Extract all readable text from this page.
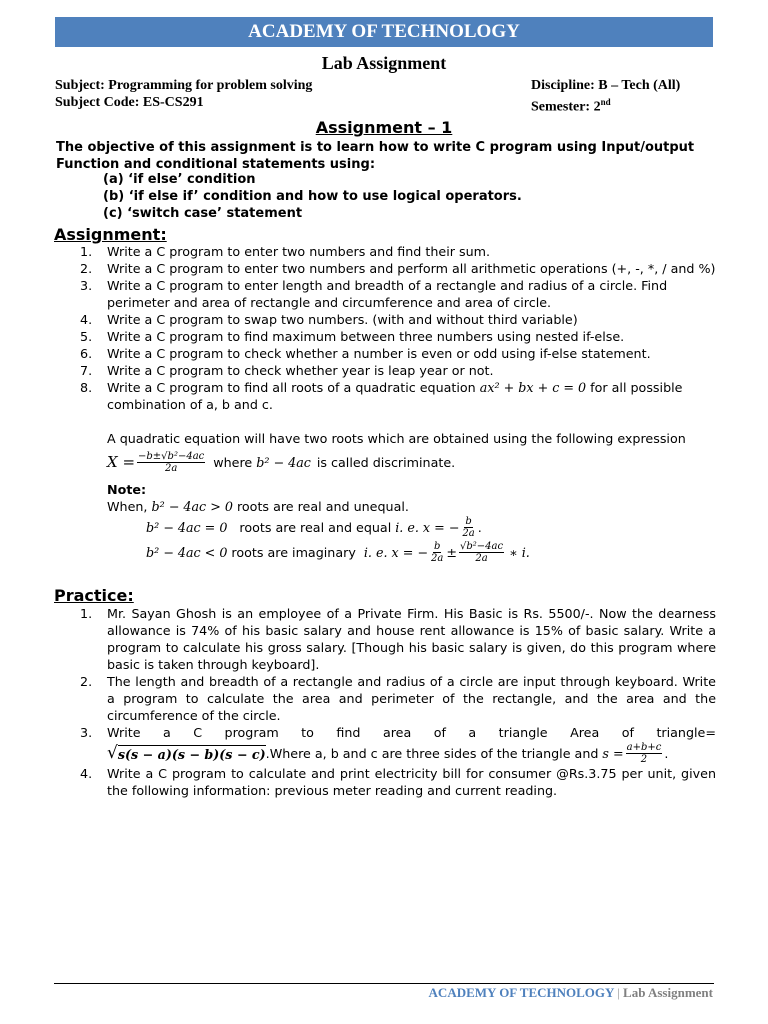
ACADEMY OF TECHNOLOGY
Lab Assignment
Subject: Programming for problem solving
Subject Code: ES-CS291
Discipline: B – Tech (All)
Semester: 2nd
Assignment – 1
The objective of this assignment is to learn how to write C program using Input/output Function and conditional statements using:
(a) ‘if else’ condition
(b) ‘if else if’ condition and how to use logical operators.
(c) ‘switch case’ statement
Assignment:
1.	Write a C program to enter two numbers and find their sum.
2.	Write a C program to enter two numbers and perform all arithmetic operations (+, -, *, / and %)
3.	Write a C program to enter length and breadth of a rectangle and radius of a circle. Find perimeter and area of rectangle and circumference and area of circle.
4.	Write a C program to swap two numbers. (with and without third variable)
5.	Write a C program to find maximum between three numbers using nested if-else.
6.	Write a C program to check whether a number is even or odd using if-else statement.
7.	Write a C program to check whether year is leap year or not.
8.	Write a C program to find all roots of a quadratic equation ax² + bx + c = 0 for all possible combination of a, b and c.
A quadratic equation will have two roots which are obtained using the following expression
$X = \frac{\text{−b±√b²−4ac}}{2a}$ where b² − 4ac is called discriminate.
Note:
When, b² − 4ac > 0 roots are real and unequal.
b² − 4ac = 0 roots are real and equal i. e. x = − $\frac{b}{2a}$ .
b² − 4ac < 0 roots are imaginary i. e. x = − $\frac{b}{2a} \pm \frac{\text{√b²−4ac}}{2a}$ ∗ i.
Practice:
1.	Mr. Sayan Ghosh is an employee of a Private Firm. His Basic is Rs. 5500/-. Now the dearness allowance is 74% of his basic salary and house rent allowance is 15% of basic salary. Write a program to calculate his gross salary. [Though his basic salary is given, do this program where basic is taken through keyboard].
2.	The length and breadth of a rectangle and radius of a circle are input through keyboard. Write a program to calculate the area and perimeter of the rectangle, and the area and the circumference of the circle.
3.	Write a C program to find area of a triangle Area of triangle=
√ s(s − a)(s − b)(s − c) .Where a, b and c are three sides of the triangle and $s = \frac{a+b+c}{2}$ .
4.	Write a C program to calculate and print electricity bill for consumer @Rs.3.75 per unit, given the following information: previous meter reading and current reading.
ACADEMY OF TECHNOLOGY | Lab Assignment
